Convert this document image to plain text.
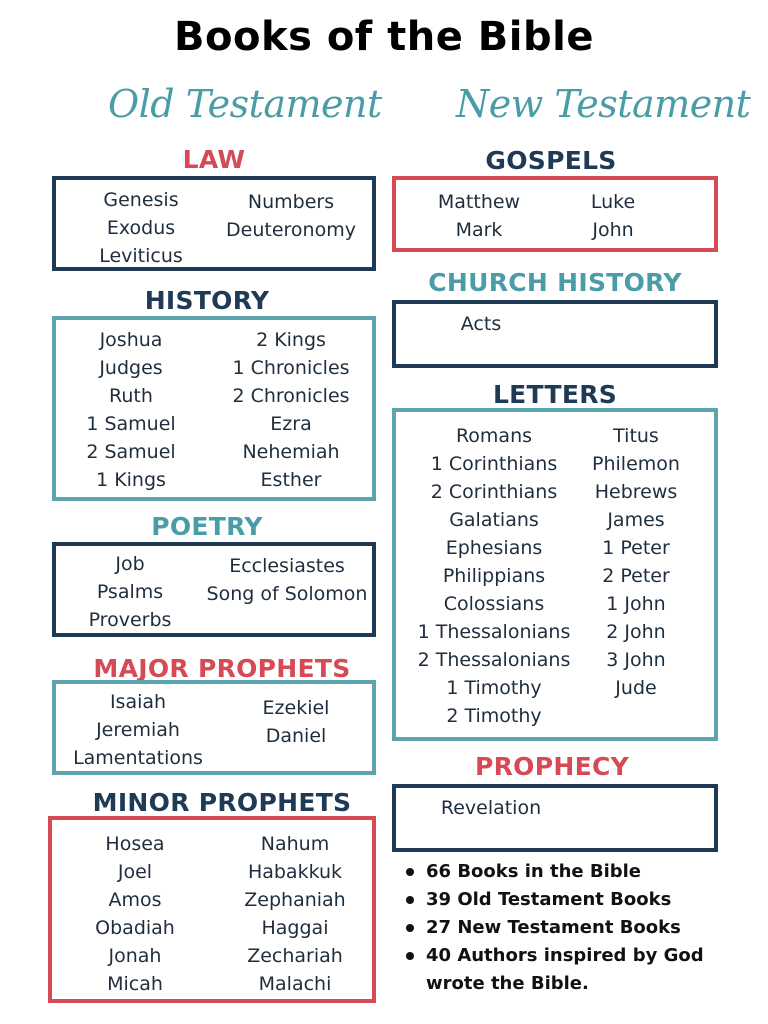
Books of the Bible
Old Testament New Testament
LAW
Genesis
Exodus
Leviticus
Numbers
Deuteronomy
HISTORY
Joshua
Judges
Ruth
1 Samuel
2 Samuel
1 Kings
2 Kings
1 Chronicles
2 Chronicles
Ezra
Nehemiah
Esther
POETRY
Job
Psalms
Proverbs
Ecclesiastes
Song of Solomon
MAJOR PROPHETS
Isaiah
Jeremiah
Lamentations
Ezekiel
Daniel
MINOR PROPHETS
Hosea
Joel
Amos
Obadiah
Jonah
Micah
Nahum
Habakkuk
Zephaniah
Haggai
Zechariah
Malachi
GOSPELS
Matthew
Mark
Luke
John
CHURCH HISTORY
Acts
LETTERS
Romans
1 Corinthians
2 Corinthians
Galatians
Ephesians
Philippians
Colossians
1 Thessalonians
2 Thessalonians
1 Timothy
2 Timothy
Titus
Philemon
Hebrews
James
1 Peter
2 Peter
1 John
2 John
3 John
Jude
PROPHECY
Revelation
66 Books in the Bible
39 Old Testament Books
27 New Testament Books
40 Authors inspired by God wrote the Bible.
